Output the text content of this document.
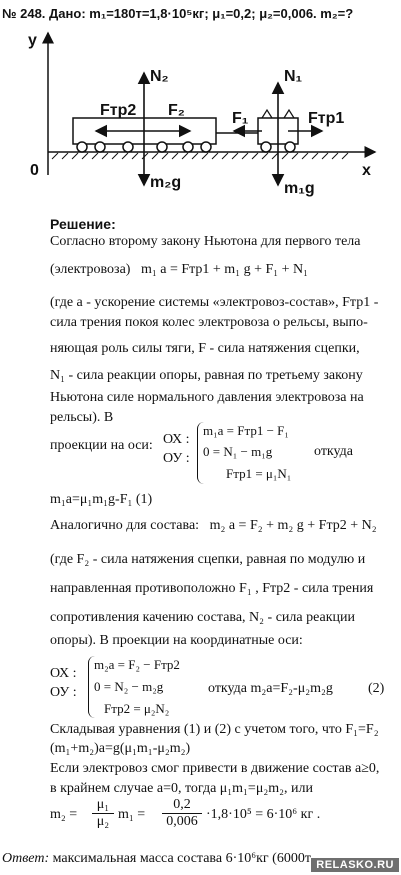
№ 248. Дано: m₁=180т=1,8·10⁵кг; μ₁=0,2; μ₂=0,006. m₂=?
y
x
0
N₂	N₁
Fтр2 F₂	F₁	Fтр1
m₂g	m₁g
Решение:
Согласно второму закону Ньютона для первого тела
(электровоза) m₁ a = Fтр1 + m₁ g + F₁ + N₁
(где a - ускорение системы «электровоз-состав», Fтр1 -
сила трения покоя колес электровоза о рельсы, выпо-
няющая роль силы тяги, F - сила натяжения сцепки,
N₁ - сила реакции опоры, равная по третьему закону
Ньютона силе нормального давления электровоза на
рельсы). В
проекции на оси: ОХ :
ОУ :
m₁a = Fтр1 − F₁
0 = N₁ − m₁g
Fтр1 = μ₁N₁
откуда
m₁a=μ₁m₁g-F₁ (1)
Аналогично для состава: m₂ a = F₂ + m₂ g + Fтр2 + N₂
(где F₂ - сила натяжения сцепки, равная по модулю и
направленная противоположно F₁ , Fтр2 - сила трения
сопротивления качению состава, N₂ - сила реакции
опоры). В проекции на координатные оси:
ОХ :
ОУ :
m₂a = F₂ − Fтр2
0 = N₂ − m₂g
Fтр2 = μ₂N₂
откуда m₂a=F₂-μ₂m₂g	(2)
Складывая уравнения (1) и (2) с учетом того, что F₁=F₂
(m₁+m₂)a=g(μ₁m₁-μ₂m₂)
Если электровоз смог привести в движение состав a≥0,
в крайнем случае a=0, тогда μ₁m₁=μ₂m₂, или
$m_2 = \frac{\text{μ₁}}{\text{μ₂}} m_1 = \frac{0,2}{0,006} \cdot 1,8\cdot 10^5 = 6\cdot 10^6$ кг .
Ответ: максимальная масса состава 6·10⁶кг (6000т RELASKO.RU
